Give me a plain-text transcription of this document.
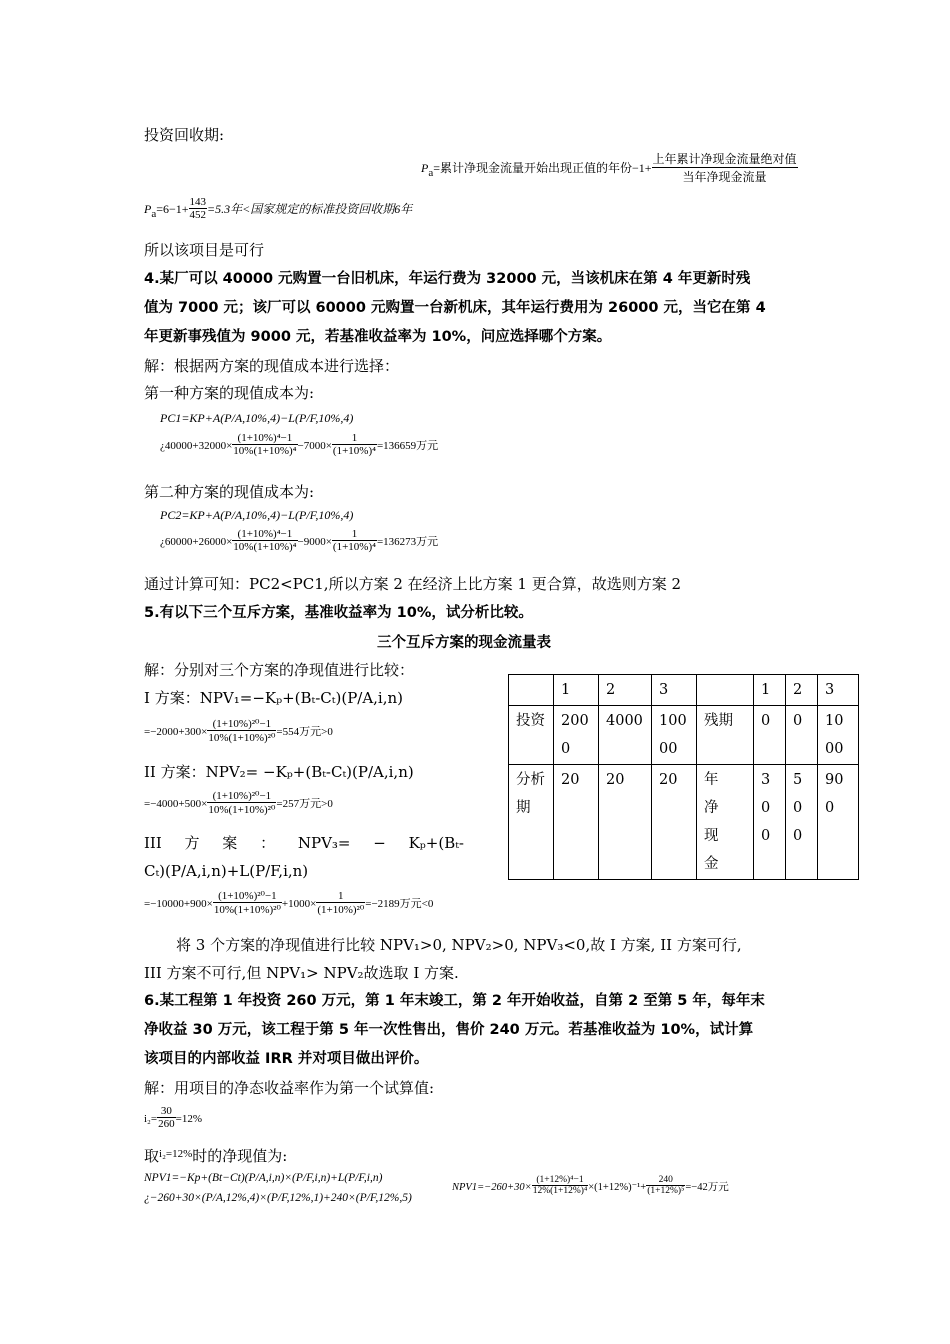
投资回收期:
$P_a=$累计净现金流量开始出现正值的年份$-1+ \frac{\text{上年累计净现金流量绝对值}}{\text{当年净现金流量}}$
$P_a=6-1+ \frac{143}{452} =5.3$年<国家规定的标准投资回收期6年
所以该项目是可行
4.某厂可以 40000 元购置一台旧机床，年运行费为 32000 元，当该机床在第 4 年更新时残
值为 7000 元；该厂可以 60000 元购置一台新机床，其年运行费用为 26000 元，当它在第 4
年更新事残值为 9000 元，若基准收益率为 10%，问应选择哪个方案。
解：根据两方案的现值成本进行选择：
第一种方案的现值成本为:
PC1=KP+A(P/A,10%,4)−L(P/F,10%,4)
¿$40000+32000\times \frac{\text{(1+10\%)⁴−1}}{\text{10\%(1+10\%)⁴}} -7000\times \frac{1}{\text{(1+10\%)⁴}} =136659$万元
第二种方案的现值成本为:
PC2=KP+A(P/A,10%,4)−L(P/F,10%,4)
¿$60000+26000\times \frac{\text{(1+10\%)⁴−1}}{\text{10\%(1+10\%)⁴}} -9000\times \frac{1}{\text{(1+10\%)⁴}} =136273$万元
通过计算可知：PC2<PC1,所以方案 2 在经济上比方案 1 更合算，故选则方案 2
5.有以下三个互斥方案，基准收益率为 10%，试分析比较。
三个互斥方案的现金流量表
解：分别对三个方案的净现值进行比较：
I 方案：NPV₁=−Kₚ+(Bₜ-Cₜ)(P/A,i,n)
$=-2000+300\times \frac{\text{(1+10\%)²⁰−1}}{\text{10\%(1+10\%)²⁰}} =554$万元>0
II 方案：NPV₂= −Kₚ+(Bₜ-Cₜ)(P/A,i,n)
$=-4000+500\times \frac{\text{(1+10\%)²⁰−1}}{\text{10\%(1+10\%)²⁰}} =257$万元>0
III 方 案 ： NPV₃= − Kₚ+(Bₜ-
Cₜ)(P/A,i,n)+L(P/F,i,n)
$=-10000+900\times \frac{\text{(1+10\%)²⁰−1}}{\text{10\%(1+10\%)²⁰}} +1000\times \frac{1}{\text{(1+10\%)²⁰}} =-2189$万元<0
将 3 个方案的净现值进行比较 NPV₁>0, NPV₂>0, NPV₃<0,故 I 方案, II 方案可行,
III 方案不可行,但 NPV₁> NPV₂故选取 I 方案.
	1	2	3		1	2	3
投资	2000	4000	10000	残期	0	0	1000
分析期	20	20	20	年净现金	300	500	900
6.某工程第 1 年投资 260 万元，第 1 年末竣工，第 2 年开始收益，自第 2 至第 5 年，每年末
净收益 30 万元，该工程于第 5 年一次性售出，售价 240 万元。若基准收益为 10%，试计算
该项目的内部收益 IRR 并对项目做出评价。
解：用项目的净态收益率作为第一个试算值:
$i_2= \frac{30}{260} =12\%$
取$^{i_2=12\%}$时的净现值为:
NPV1=−Kp+(Bt−Ct)(P/A,i,n)×(P/F,i,n)+L(P/F,i,n)
¿−260+30×(P/A,12%,4)×(P/F,12%,1)+240×(P/F,12%,5)
$NPV1=-260+30\times \frac{\text{(1+12\%)⁴−1}}{\text{12\%(1+12\%)⁴}} \times(1+12\%)^{-1}+ \frac{240}{\text{(1+12\%)⁵}} =-42$万元
